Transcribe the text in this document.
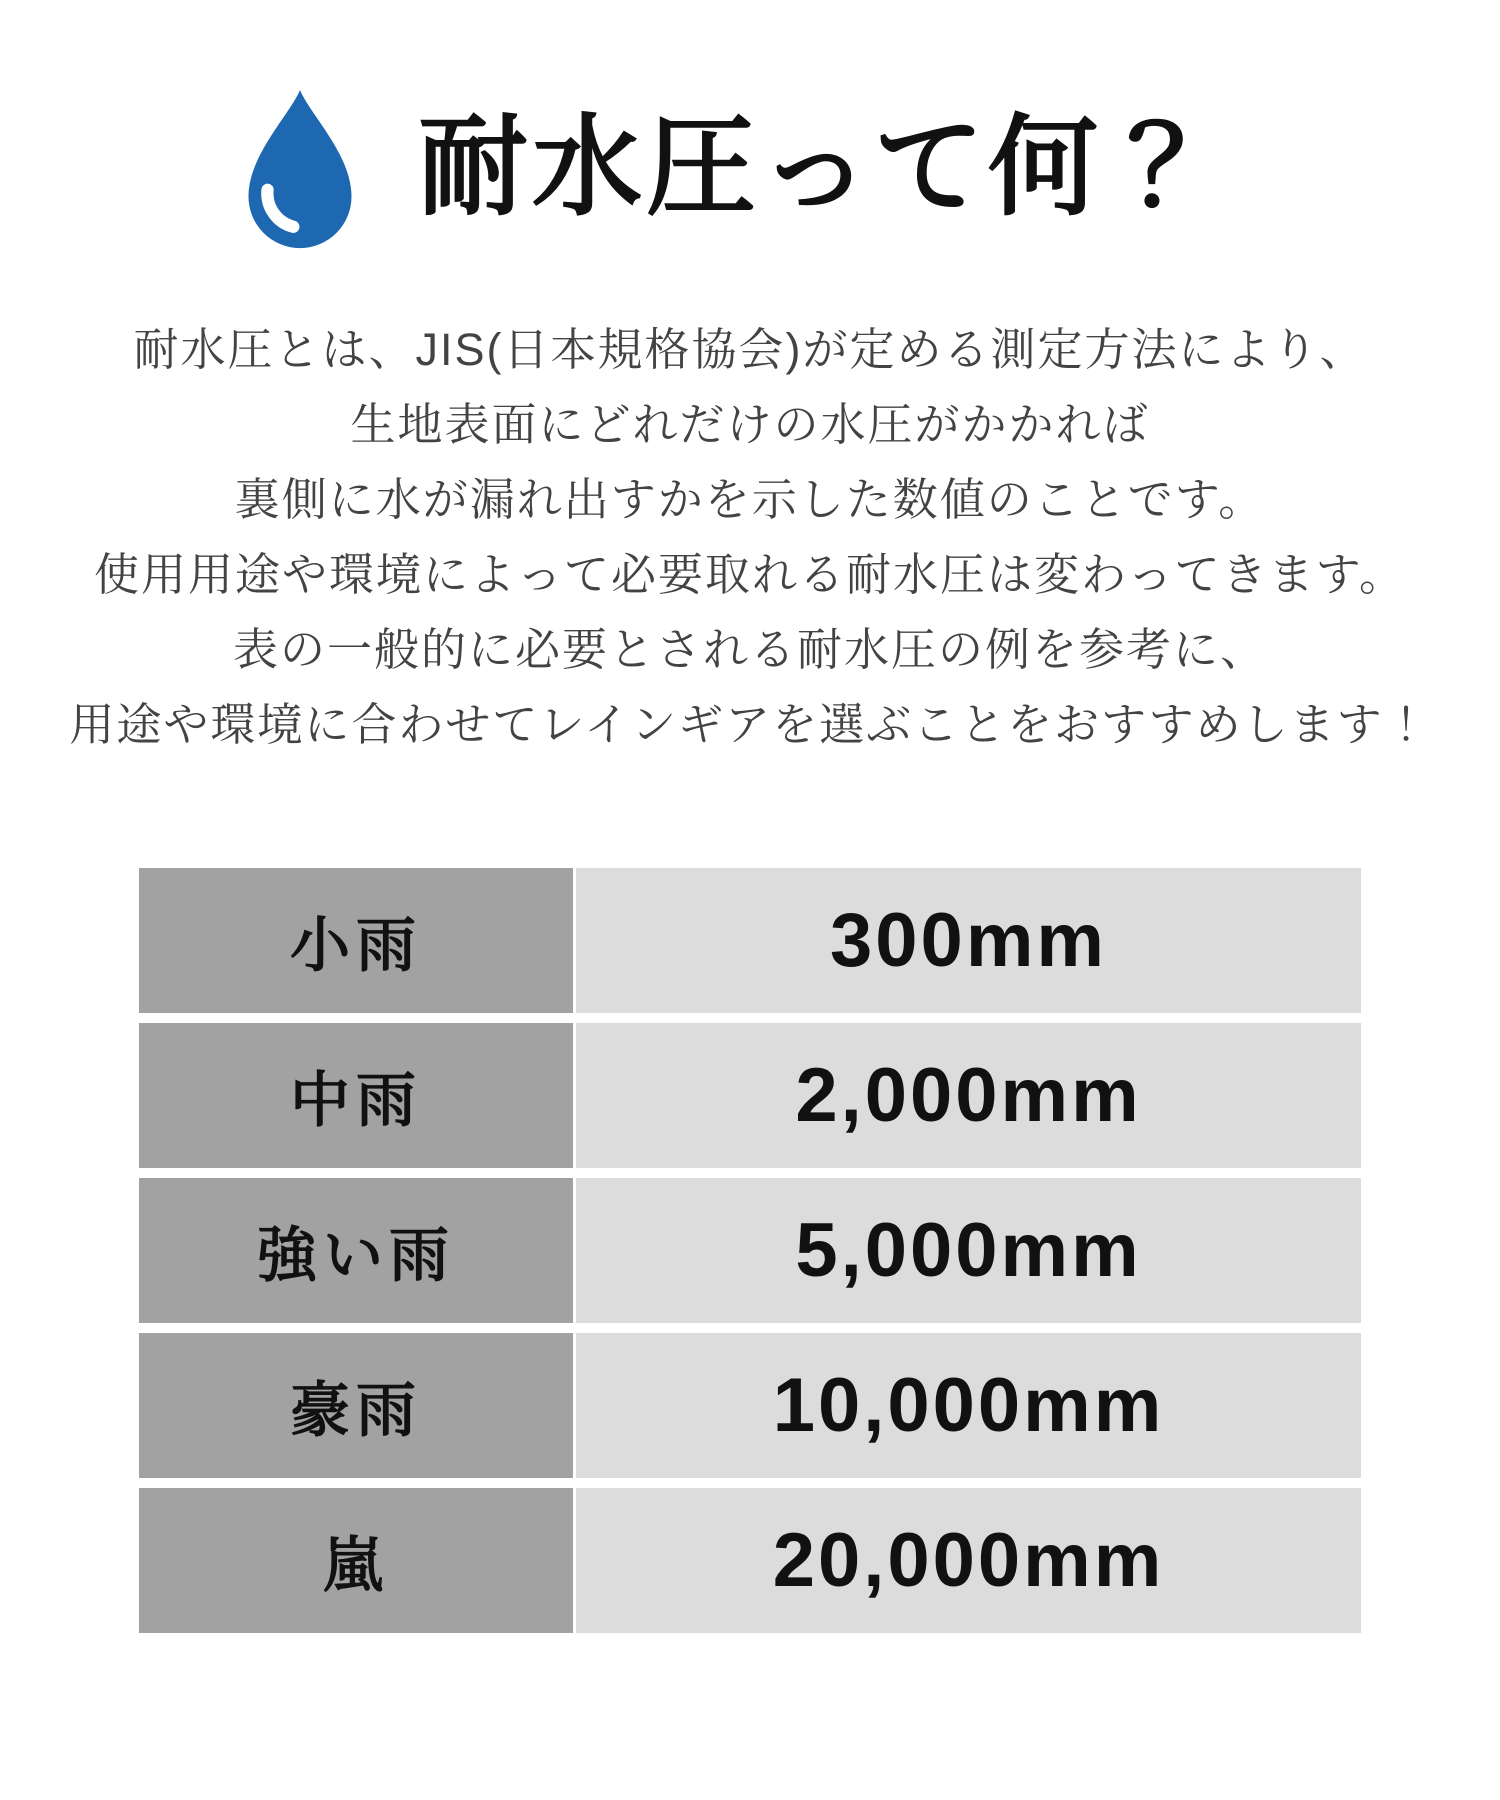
耐水圧って何？

耐水圧とは、JIS(日本規格協会)が定める測定方法により、

生地表面にどれだけの水圧がかかれば

裏側に水が漏れ出すかを示した数値のことです。

使用用途や環境によって必要取れる耐水圧は変わってきます。

表の一般的に必要とされる耐水圧の例を参考に、

用途や環境に合わせてレインギアを選ぶことをおすすめします！

小雨	300mm
中雨	2,000mm
強い雨	5,000mm
豪雨	10,000mm
嵐	20,000mm
